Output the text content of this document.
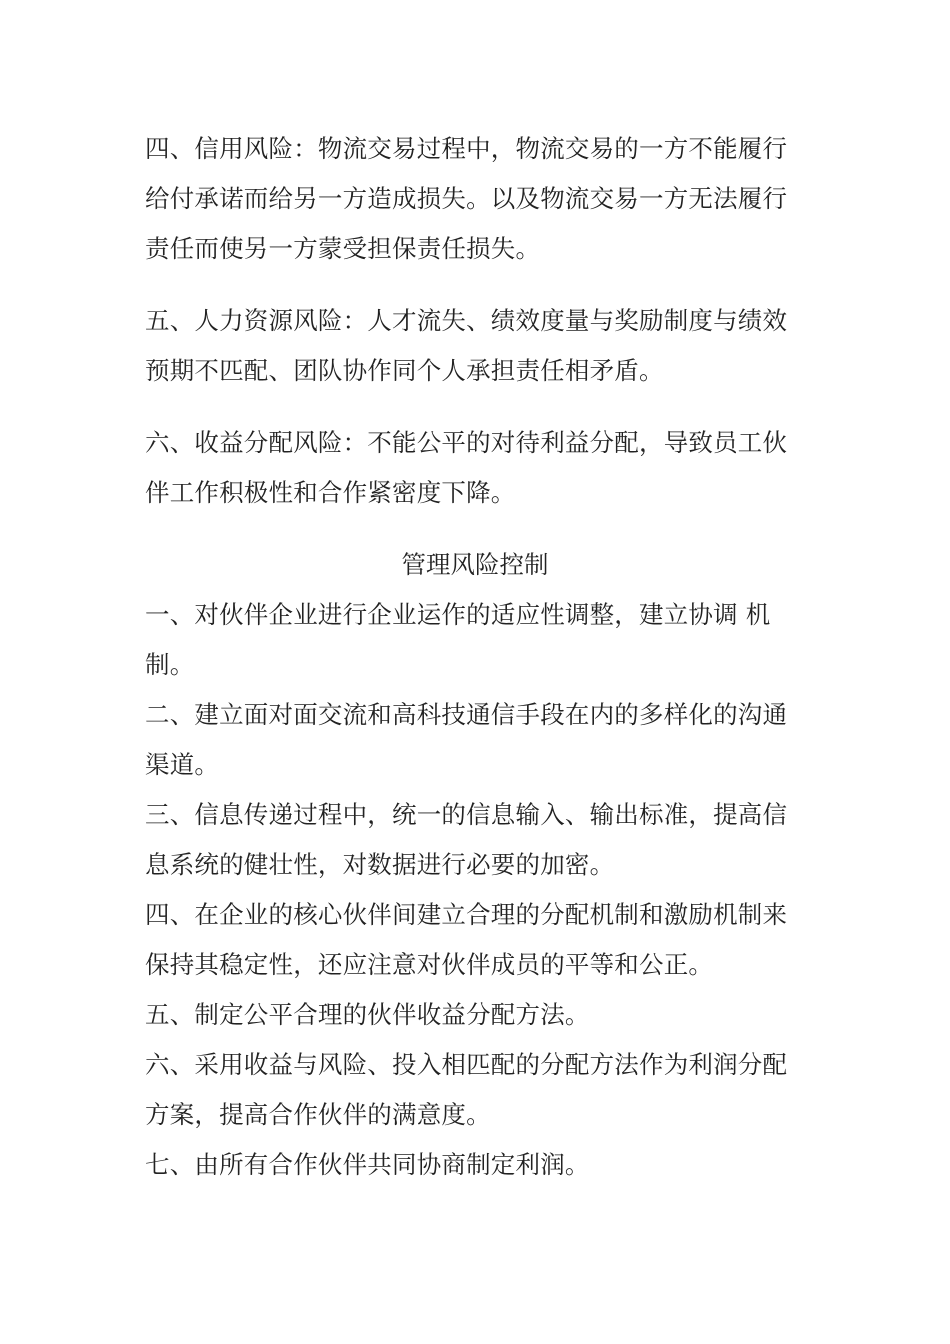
四、信用风险：物流交易过程中，物流交易的一方不能履行给付承诺而给另一方造成损失。以及物流交易一方无法履行责任而使另一方蒙受担保责任损失。

五、人力资源风险：人才流失、绩效度量与奖励制度与绩效预期不匹配、团队协作同个人承担责任相矛盾。

六、收益分配风险：不能公平的对待利益分配，导致员工伙伴工作积极性和合作紧密度下降。

管理风险控制

一、对伙伴企业进行企业运作的适应性调整，建立协调 机制。

二、建立面对面交流和高科技通信手段在内的多样化的沟通渠道。

三、信息传递过程中，统一的信息输入、输出标准，提高信息系统的健壮性，对数据进行必要的加密。

四、在企业的核心伙伴间建立合理的分配机制和激励机制来保持其稳定性，还应注意对伙伴成员的平等和公正。

五、制定公平合理的伙伴收益分配方法。

六、采用收益与风险、投入相匹配的分配方法作为利润分配方案，提高合作伙伴的满意度。

七、由所有合作伙伴共同协商制定利润。
